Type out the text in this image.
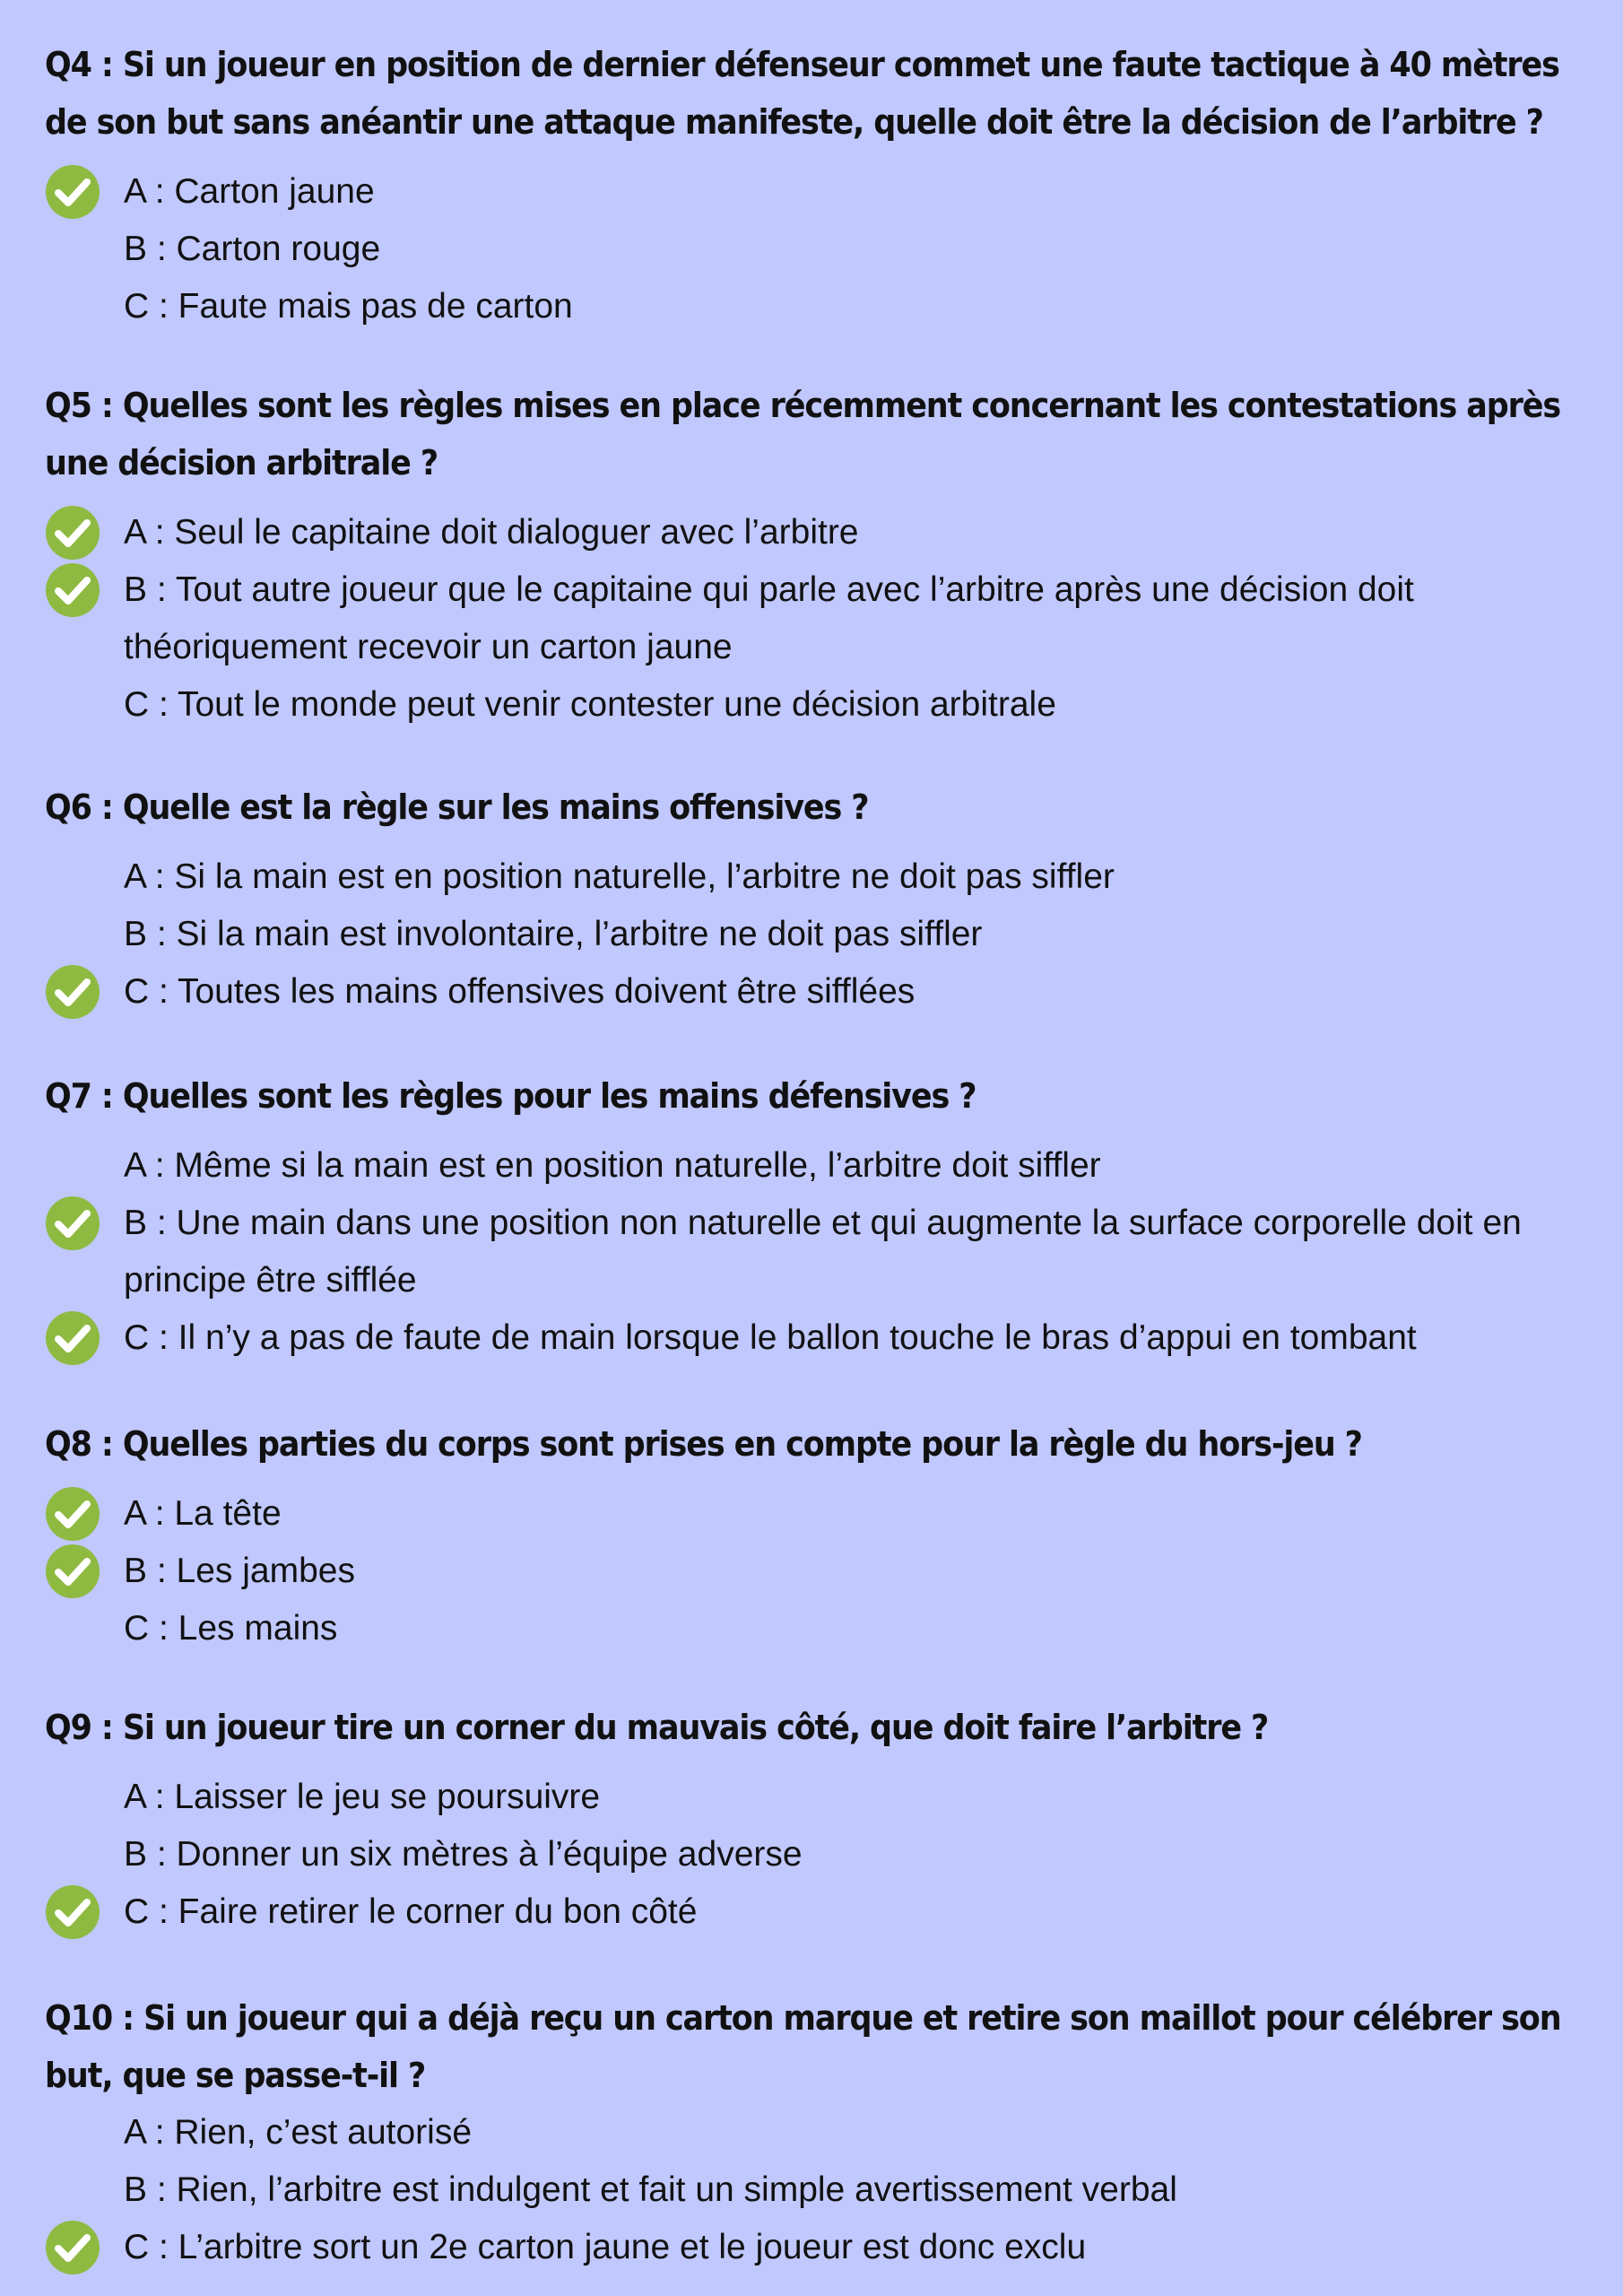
Q4 : Si un joueur en position de dernier défenseur commet une faute tactique à 40 mètres de son but sans anéantir une attaque manifeste, quelle doit être la décision de l’arbitre ?

A : Carton jaune
B : Carton rouge
C : Faute mais pas de carton

Q5 : Quelles sont les règles mises en place récemment concernant les contestations après une décision arbitrale ?

A : Seul le capitaine doit dialoguer avec l’arbitre
B : Tout autre joueur que le capitaine qui parle avec l’arbitre après une décision doit théoriquement recevoir un carton jaune
C : Tout le monde peut venir contester une décision arbitrale

Q6 : Quelle est la règle sur les mains offensives ?

A : Si la main est en position naturelle, l’arbitre ne doit pas siffler
B : Si la main est involontaire, l’arbitre ne doit pas siffler
C : Toutes les mains offensives doivent être sifflées

Q7 : Quelles sont les règles pour les mains défensives ?

A : Même si la main est en position naturelle, l’arbitre doit siffler
B : Une main dans une position non naturelle et qui augmente la surface corporelle doit en principe être sifflée
C : Il n’y a pas de faute de main lorsque le ballon touche le bras d’appui en tombant

Q8 : Quelles parties du corps sont prises en compte pour la règle du hors-jeu ?

A : La tête
B : Les jambes
C : Les mains

Q9 : Si un joueur tire un corner du mauvais côté, que doit faire l’arbitre ?

A : Laisser le jeu se poursuivre
B : Donner un six mètres à l’équipe adverse
C : Faire retirer le corner du bon côté

Q10 : Si un joueur qui a déjà reçu un carton marque et retire son maillot pour célébrer son but, que se passe-t-il ?

A : Rien, c’est autorisé
B : Rien, l’arbitre est indulgent et fait un simple avertissement verbal
C : L’arbitre sort un 2e carton jaune et le joueur est donc exclu
